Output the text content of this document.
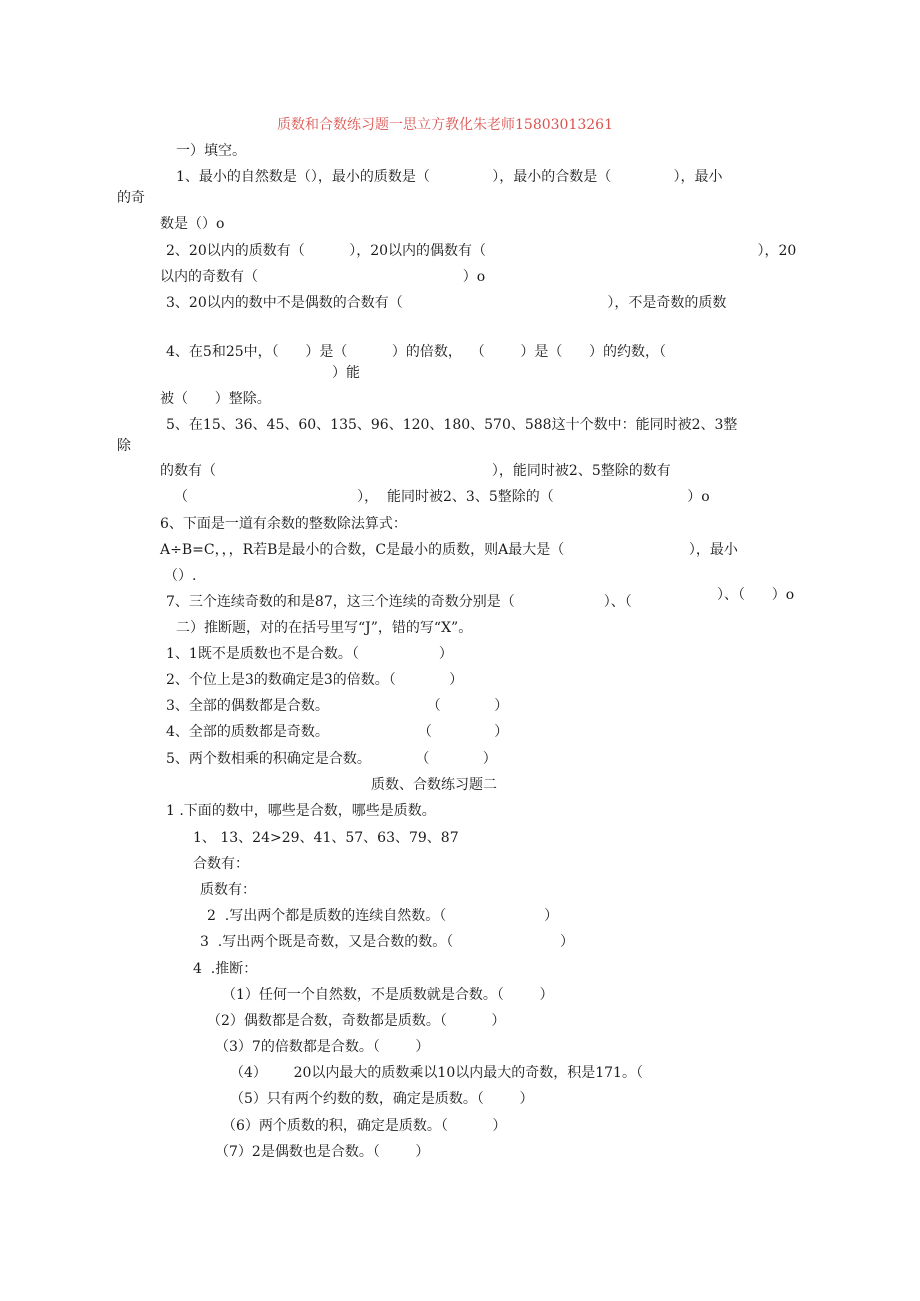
质数和合数练习题一思立方教化朱老师15803013261
一）填空。
1、最小的自然数是（），最小的质数是（              ），最小的合数是（              ），最小
的奇
数是（）o
2、20以内的质数有（          ），20以内的偶数有（                                                             ），20
以内的奇数有（                                              ）o
3、20以内的数中不是偶数的合数有（                                              ），不是奇数的质数
4、在5和25中，（      ）是（          ）的倍数，  （        ）是（      ）的约数，（
）能
被（      ）整除。
5、在15、36、45、60、135、96、120、180、570、588这十个数中：能同时被2、3整
除
的数有（                                                              ），能同时被2、5整除的数有
（                                      ），  能同时被2、3、5整除的（                              ）o
6、下面是一道有余数的整数除法算式：
A÷B=C，，，R若B是最小的合数，C是最小的质数，则A最大是（                            ），最小
（）.
7、三个连续奇数的和是87，这三个连续的奇数分别是（                    ）、（	）、（      ）o
二）推断题，对的在括号里写“J”，错的写“X”。
1、1既不是质数也不是合数。（                  ）
2、个位上是3的数确定是3的倍数。（            ）
3、全部的偶数都是合数。                      （            ）
4、全部的质数都是奇数。                    （              ）
5、两个数相乘的积确定是合数。          （            ）
质数、合数练习题二
1 .下面的数中，哪些是合数，哪些是质数。
1、 13、24>29、41、57、63、79、87
合数有：
质数有：
2  .写出两个都是质数的连续自然数。（                      ）
3  .写出两个既是奇数，又是合数的数。（                        ）
4  .推断：
（1）任何一个自然数，不是质数就是合数。（        ）
（2）偶数都是合数，奇数都是质数。（          ）
（3）7的倍数都是合数。（        ）
（4）      20以内最大的质数乘以10以内最大的奇数，积是171。（
（5）只有两个约数的数，确定是质数。（        ）
（6）两个质数的积，确定是质数。（          ）
（7）2是偶数也是合数。（        ）
